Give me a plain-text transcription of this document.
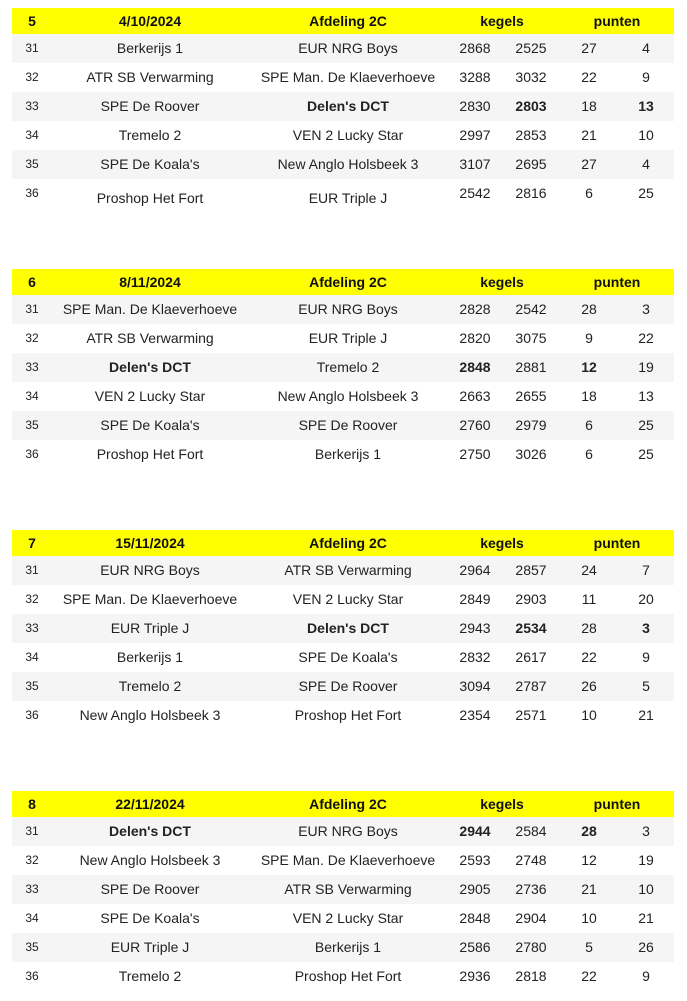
5	4/10/2024	Afdeling 2C	kegels	punten
31	Berkerijs 1	EUR NRG Boys	2868	2525	27	4
32	ATR SB Verwarming	SPE Man. De Klaeverhoeve	3288	3032	22	9
33	SPE De Roover	Delen's DCT	2830	2803	18	13
34	Tremelo 2	VEN 2 Lucky Star	2997	2853	21	10
35	SPE De Koala's	New Anglo Holsbeek 3	3107	2695	27	4
36	Proshop Het Fort	EUR Triple J	2542	2816	6	25
6	8/11/2024	Afdeling 2C	kegels	punten
31	SPE Man. De Klaeverhoeve	EUR NRG Boys	2828	2542	28	3
32	ATR SB Verwarming	EUR Triple J	2820	3075	9	22
33	Delen's DCT	Tremelo 2	2848	2881	12	19
34	VEN 2 Lucky Star	New Anglo Holsbeek 3	2663	2655	18	13
35	SPE De Koala's	SPE De Roover	2760	2979	6	25
36	Proshop Het Fort	Berkerijs 1	2750	3026	6	25
7	15/11/2024	Afdeling 2C	kegels	punten
31	EUR NRG Boys	ATR SB Verwarming	2964	2857	24	7
32	SPE Man. De Klaeverhoeve	VEN 2 Lucky Star	2849	2903	11	20
33	EUR Triple J	Delen's DCT	2943	2534	28	3
34	Berkerijs 1	SPE De Koala's	2832	2617	22	9
35	Tremelo 2	SPE De Roover	3094	2787	26	5
36	New Anglo Holsbeek 3	Proshop Het Fort	2354	2571	10	21
8	22/11/2024	Afdeling 2C	kegels	punten
31	Delen's DCT	EUR NRG Boys	2944	2584	28	3
32	New Anglo Holsbeek 3	SPE Man. De Klaeverhoeve	2593	2748	12	19
33	SPE De Roover	ATR SB Verwarming	2905	2736	21	10
34	SPE De Koala's	VEN 2 Lucky Star	2848	2904	10	21
35	EUR Triple J	Berkerijs 1	2586	2780	5	26
36	Tremelo 2	Proshop Het Fort	2936	2818	22	9
